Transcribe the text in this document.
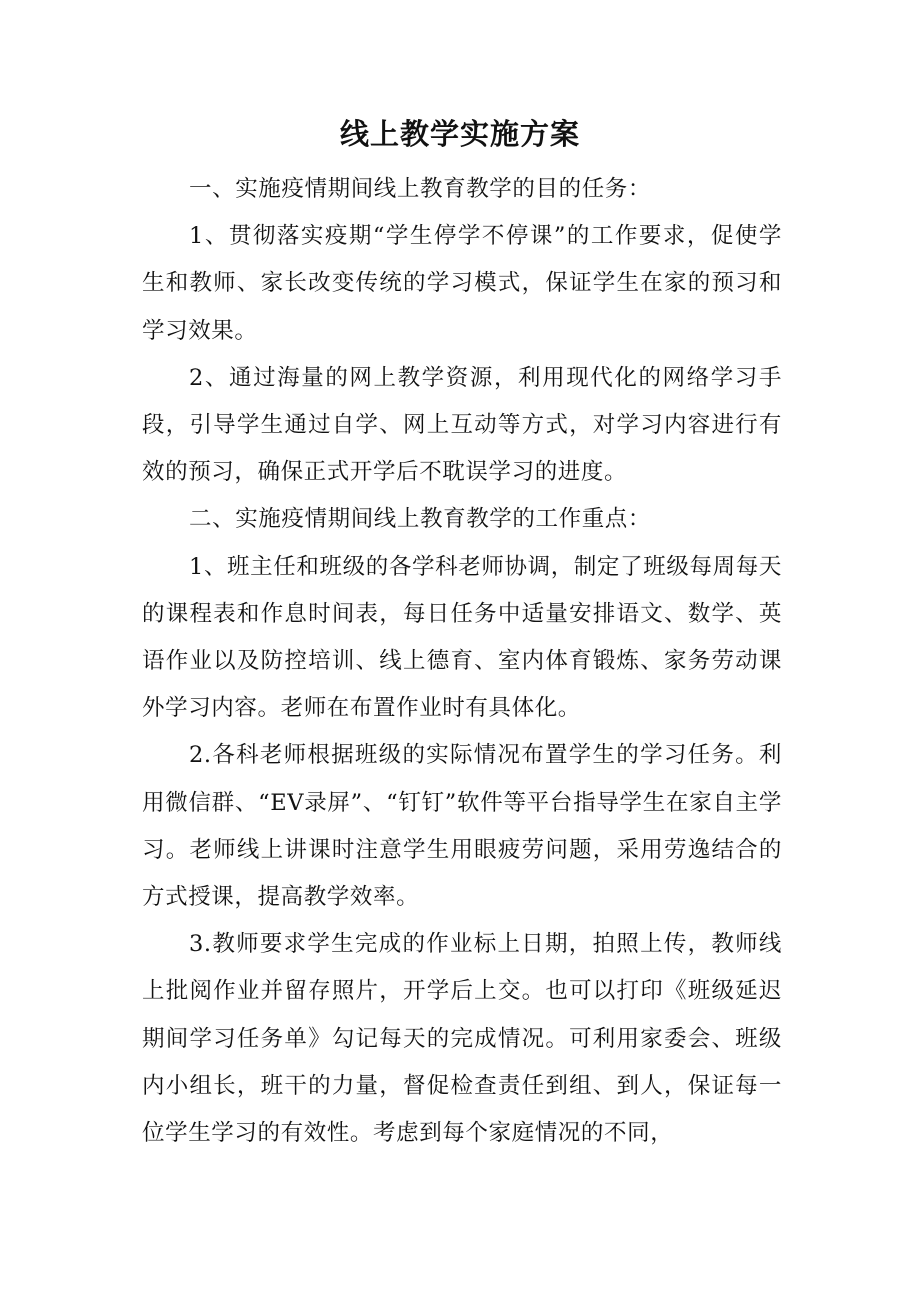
线上教学实施方案

一、实施疫情期间线上教育教学的目的任务：

1、贯彻落实疫期“学生停学不停课”的工作要求，促使学生和教师、家长改变传统的学习模式，保证学生在家的预习和学习效果。

2、通过海量的网上教学资源，利用现代化的网络学习手段，引导学生通过自学、网上互动等方式，对学习内容进行有效的预习，确保正式开学后不耽误学习的进度。

二、实施疫情期间线上教育教学的工作重点：

1、班主任和班级的各学科老师协调，制定了班级每周每天的课程表和作息时间表，每日任务中适量安排语文、数学、英语作业以及防控培训、线上德育、室内体育锻炼、家务劳动课外学习内容。老师在布置作业时有具体化。

2.各科老师根据班级的实际情况布置学生的学习任务。利用微信群、“EV录屏”、“钉钉”软件等平台指导学生在家自主学习。老师线上讲课时注意学生用眼疲劳问题，采用劳逸结合的方式授课，提高教学效率。

3.教师要求学生完成的作业标上日期，拍照上传，教师线上批阅作业并留存照片，开学后上交。也可以打印《班级延迟期间学习任务单》勾记每天的完成情况。可利用家委会、班级内小组长，班干的力量，督促检查责任到组、到人，保证每一位学生学习的有效性。考虑到每个家庭情况的不同，
